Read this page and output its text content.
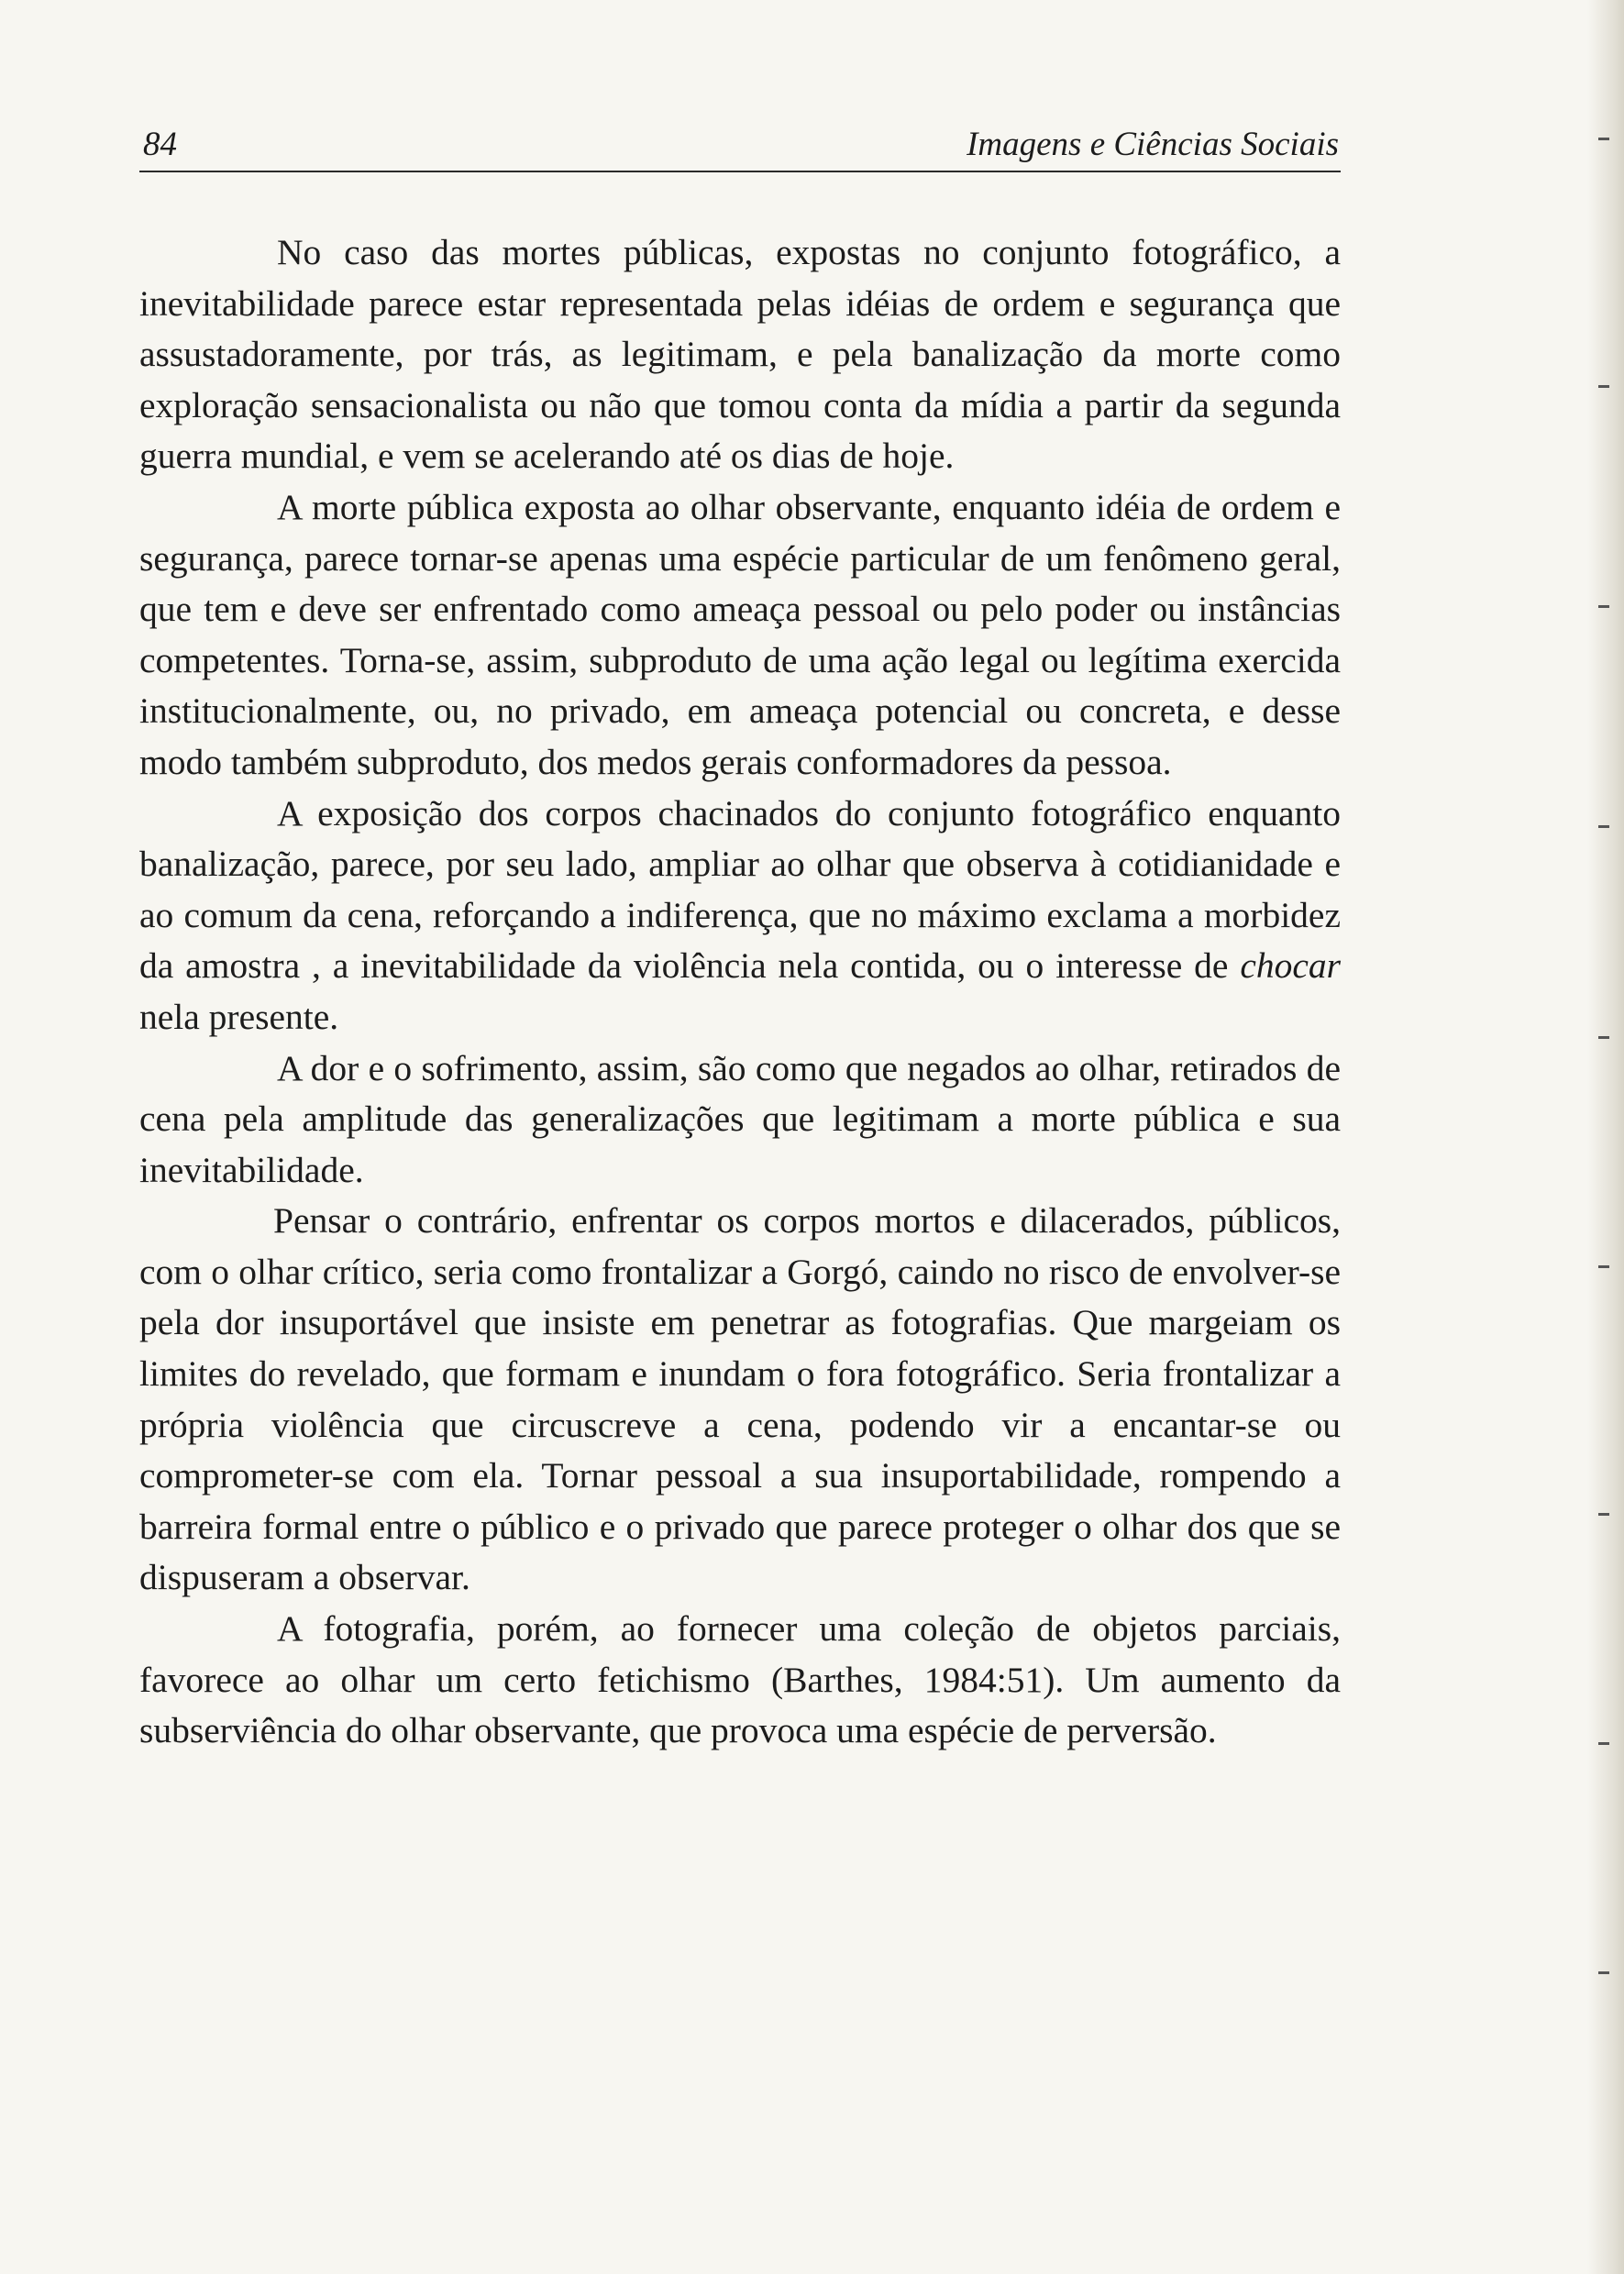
84	Imagens e Ciências Sociais

No caso das mortes públicas, expostas no conjunto fotográfico, a inevitabilidade parece estar representada pelas idéias de ordem e segurança que assustadoramente, por trás, as legitimam, e pela banalização da morte como exploração sensacionalista ou não que tomou conta da mídia a partir da segunda guerra mundial, e vem se acelerando até os dias de hoje.

A morte pública exposta ao olhar observante, enquanto idéia de ordem e segurança, parece tornar-se apenas uma espécie particular de um fenômeno geral, que tem e deve ser enfrentado como ameaça pessoal ou pelo poder ou instâncias competentes. Torna-se, assim, subproduto de uma ação legal ou legítima exercida institucionalmente, ou, no privado, em ameaça potencial ou concreta, e desse modo também subproduto, dos medos gerais conformadores da pessoa.

A exposição dos corpos chacinados do conjunto fotográfico enquanto banalização, parece, por seu lado, ampliar ao olhar que observa à cotidianidade e ao comum da cena, reforçando a indiferença, que no máximo exclama a morbidez da amostra , a inevitabilidade da violência nela contida, ou o interesse de chocar nela presente.

A dor e o sofrimento, assim, são como que negados ao olhar, retirados de cena pela amplitude das generalizações que legitimam a morte pública e sua inevitabilidade.

Pensar o contrário, enfrentar os corpos mortos e dilacerados, públicos, com o olhar crítico, seria como frontalizar a Gorgó, caindo no risco de envolver-se pela dor insuportável que insiste em penetrar as fotografias. Que margeiam os limites do revelado, que formam e inundam o fora fotográfico. Seria frontalizar a própria violência que circuscreve a cena, podendo vir a encantar-se ou comprometer-se com ela. Tornar pessoal a sua insuportabilidade, rompendo a barreira formal entre o público e o privado que parece proteger o olhar dos que se dispuseram a observar.

A fotografia, porém, ao fornecer uma coleção de objetos parciais, favorece ao olhar um certo fetichismo (Barthes, 1984:51). Um aumento da subserviência do olhar observante, que provoca uma espécie de perversão.
